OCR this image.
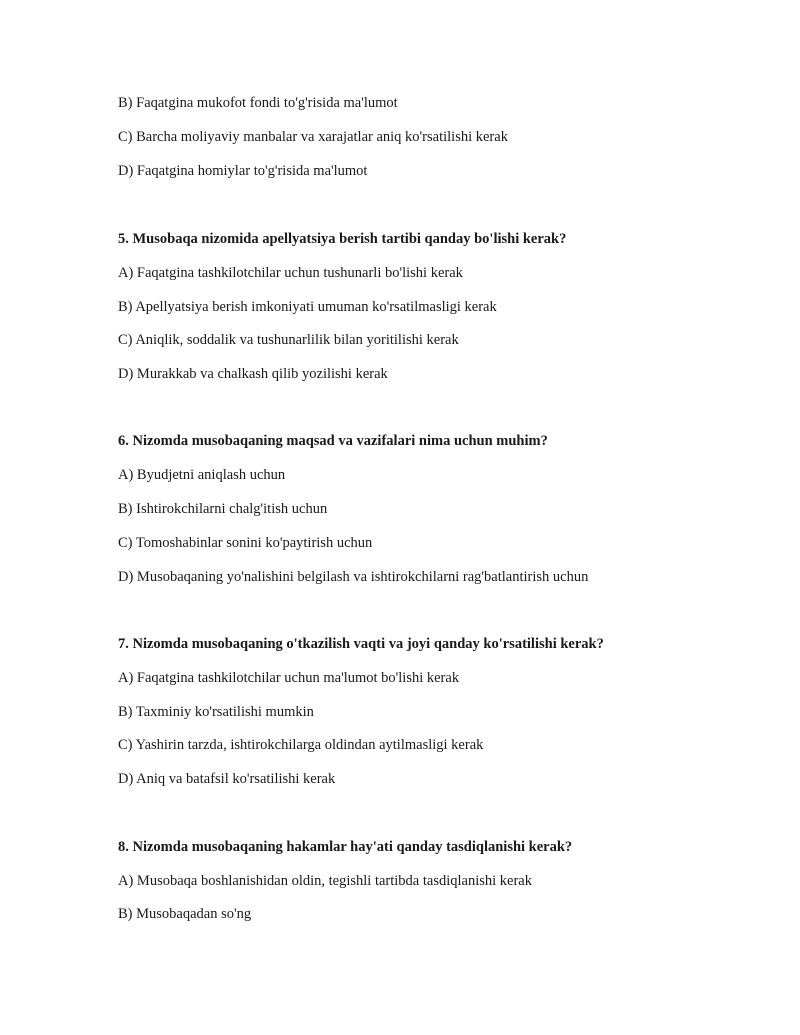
B) Faqatgina mukofot fondi to'g'risida ma'lumot
C) Barcha moliyaviy manbalar va xarajatlar aniq ko'rsatilishi kerak
D) Faqatgina homiylar to'g'risida ma'lumot
5. Musobaqa nizomida apellyatsiya berish tartibi qanday bo'lishi kerak?
A) Faqatgina tashkilotchilar uchun tushunarli bo'lishi kerak
B) Apellyatsiya berish imkoniyati umuman ko'rsatilmasligi kerak
C) Aniqlik, soddalik va tushunarlilik bilan yoritilishi kerak
D) Murakkab va chalkash qilib yozilishi kerak
6. Nizomda musobaqaning maqsad va vazifalari nima uchun muhim?
A) Byudjetni aniqlash uchun
B) Ishtirokchilarni chalg'itish uchun
C) Tomoshabinlar sonini ko'paytirish uchun
D) Musobaqaning yo'nalishini belgilash va ishtirokchilarni rag'batlantirish uchun
7. Nizomda musobaqaning o'tkazilish vaqti va joyi qanday ko'rsatilishi kerak?
A) Faqatgina tashkilotchilar uchun ma'lumot bo'lishi kerak
B) Taxminiy ko'rsatilishi mumkin
C) Yashirin tarzda, ishtirokchilarga oldindan aytilmasligi kerak
D) Aniq va batafsil ko'rsatilishi kerak
8. Nizomda musobaqaning hakamlar hay'ati qanday tasdiqlanishi kerak?
A) Musobaqa boshlanishidan oldin, tegishli tartibda tasdiqlanishi kerak
B) Musobaqadan so'ng
